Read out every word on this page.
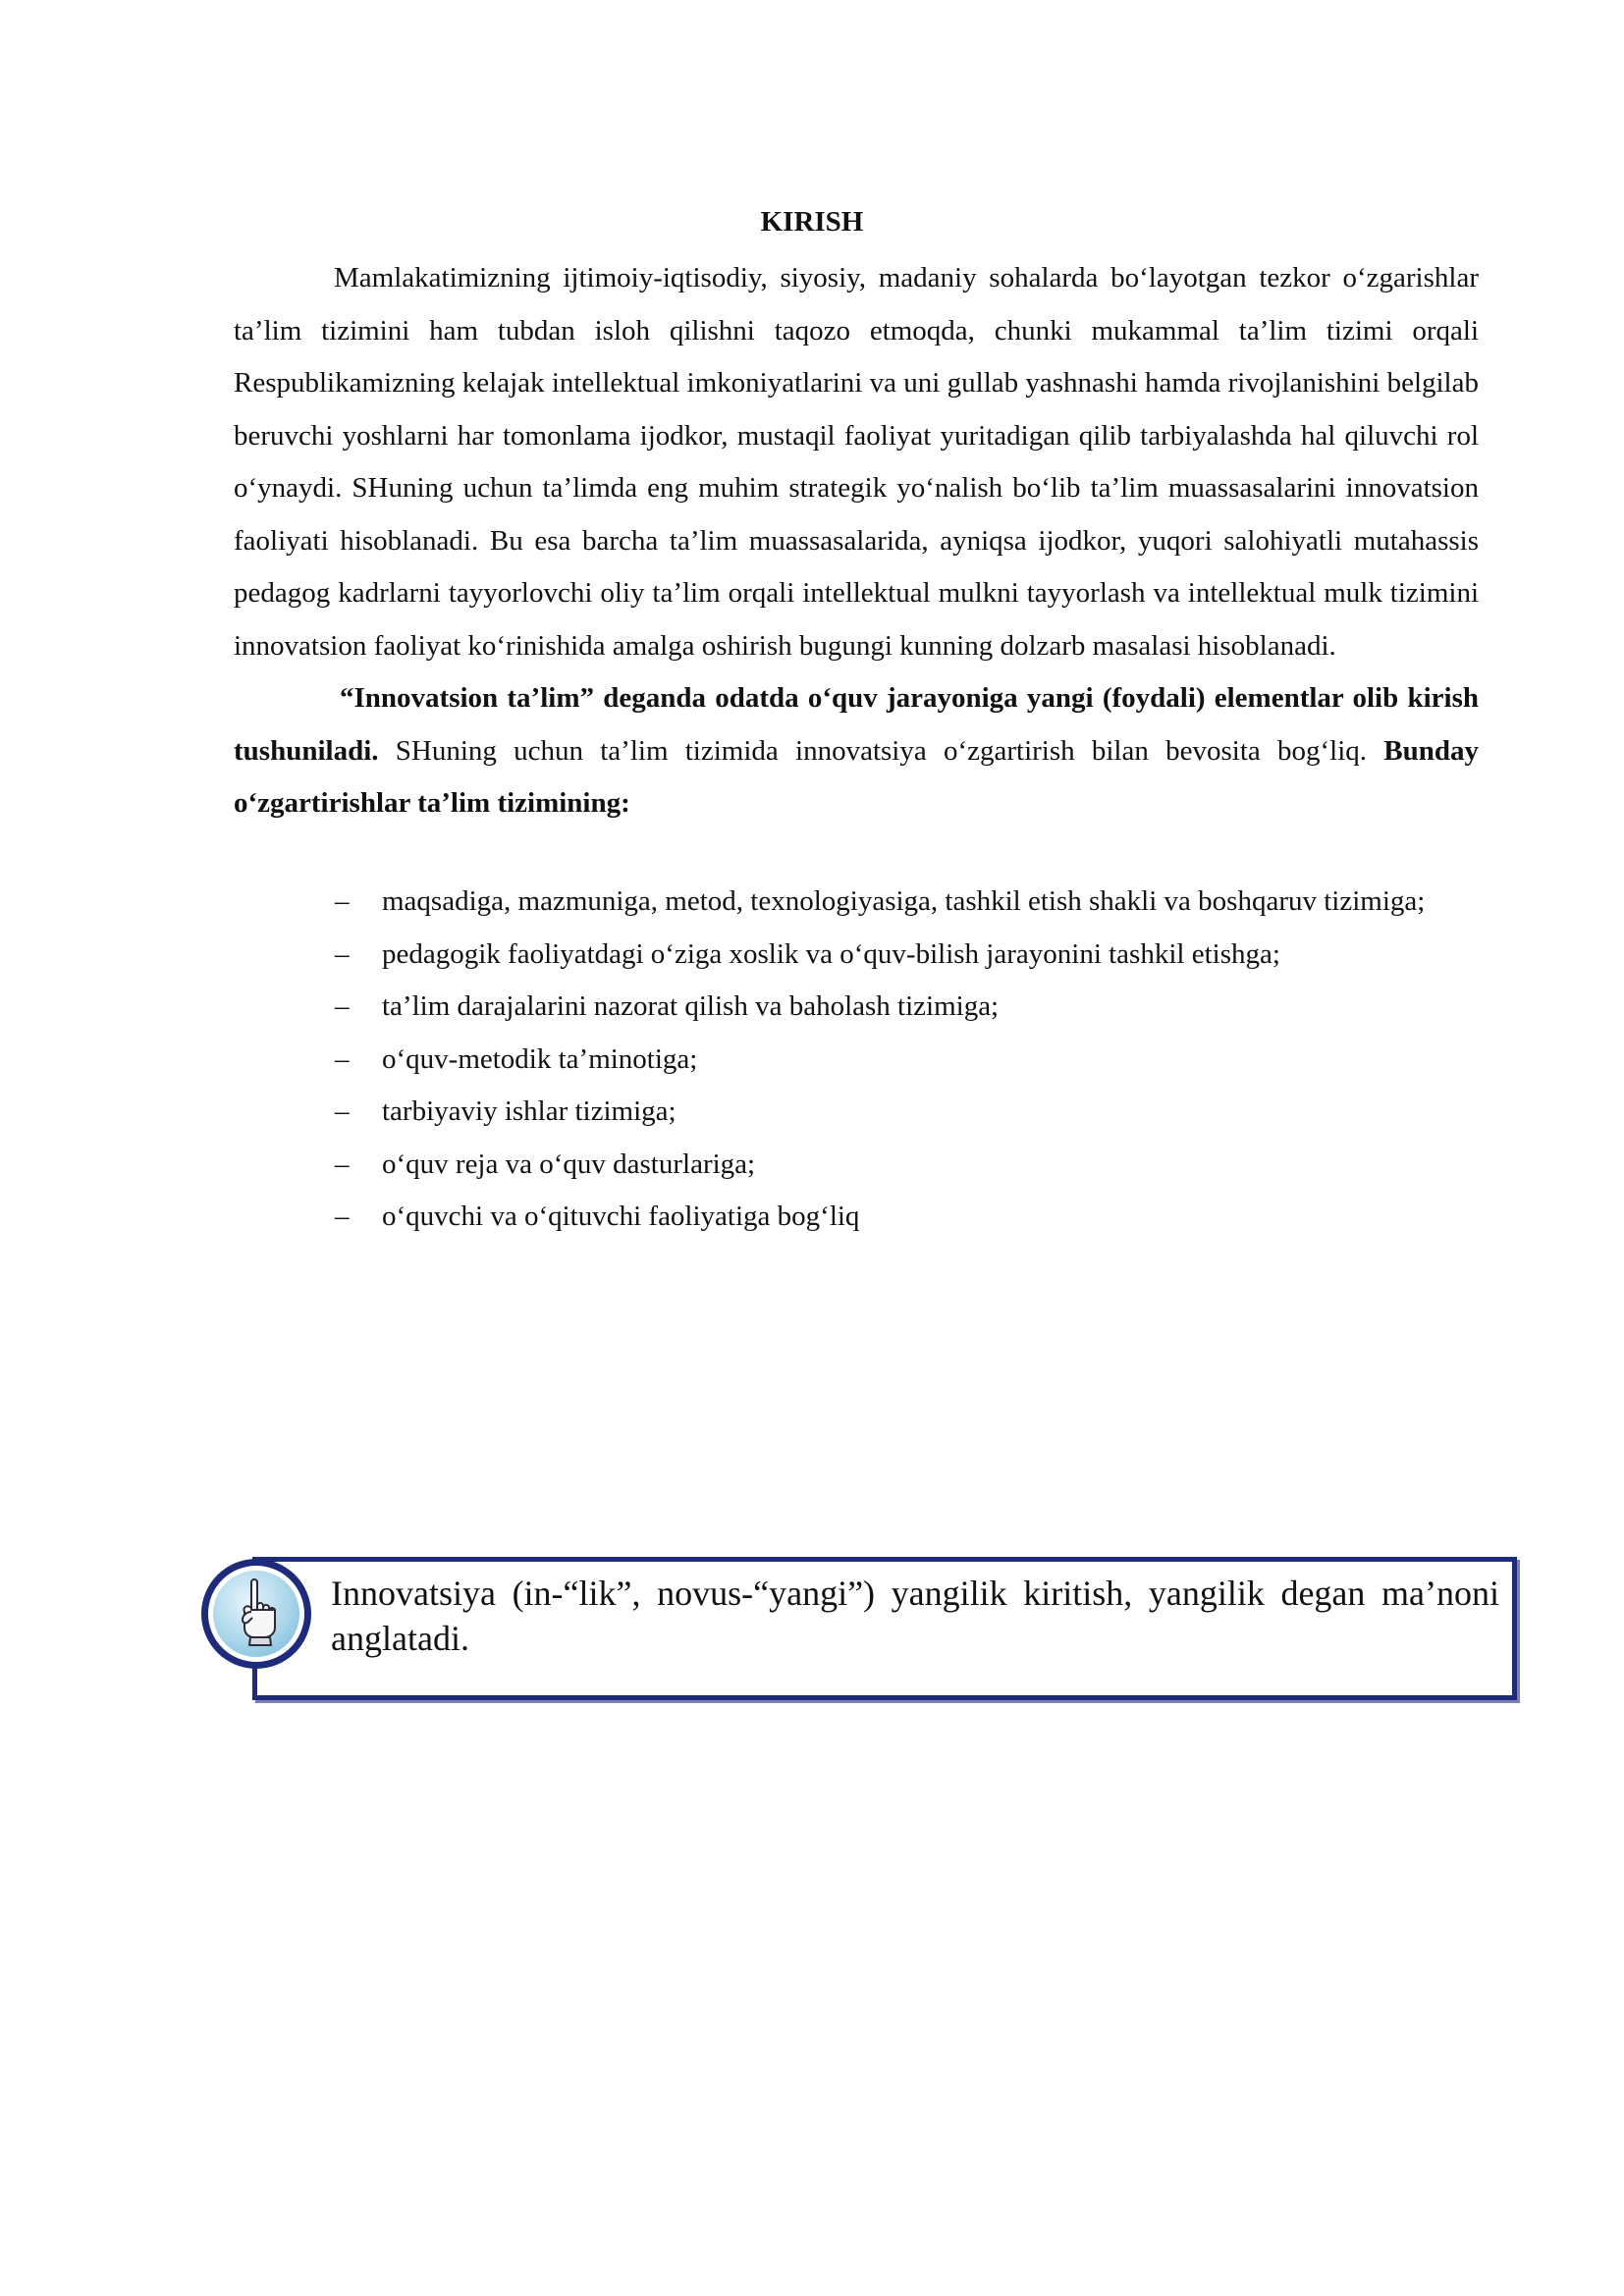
KIRISH

Mamlakatimizning ijtimoiy-iqtisodiy, siyosiy, madaniy sohalarda bo‘layotgan tezkor o‘zgarishlar ta’lim tizimini ham tubdan isloh qilishni taqozo etmoqda, chunki mukammal ta’lim tizimi orqali Respublikamizning kelajak intellektual imkoniyatlarini va uni gullab yashnashi hamda rivojlanishini belgilab beruvchi yoshlarni har tomonlama ijodkor, mustaqil faoliyat yuritadigan qilib tarbiyalashda hal qiluvchi rol o‘ynaydi. SHuning uchun ta’limda eng muhim strategik yo‘nalish bo‘lib ta’lim muassasalarini innovatsion faoliyati hisoblanadi. Bu esa barcha ta’lim muassasalarida, ayniqsa ijodkor, yuqori salohiyatli mutahassis pedagog kadrlarni tayyorlovchi oliy ta’lim orqali intellektual mulkni tayyorlash va intellektual mulk tizimini innovatsion faoliyat ko‘rinishida amalga oshirish bugungi kunning dolzarb masalasi hisoblanadi.

“Innovatsion ta’lim” deganda odatda o‘quv jarayoniga yangi (foydali) elementlar olib kirish tushuniladi. SHuning uchun ta’lim tizimida innovatsiya o‘zgartirish bilan bevosita bog‘liq. Bunday o‘zgartirishlar ta’lim tizimining:

– maqsadiga, mazmuniga, metod, texnologiyasiga, tashkil etish shakli va boshqaruv tizimiga;
– pedagogik faoliyatdagi o‘ziga xoslik va o‘quv-bilish jarayonini tashkil etishga;
– ta’lim darajalarini nazorat qilish va baholash tizimiga;
– o‘quv-metodik ta’minotiga;
– tarbiyaviy ishlar tizimiga;
– o‘quv reja va o‘quv dasturlariga;
– o‘quvchi va o‘qituvchi faoliyatiga bog‘liq
Innovatsiya (in-“lik”, novus-“yangi”) yangilik kiritish, yangilik degan ma’noni anglatadi.
